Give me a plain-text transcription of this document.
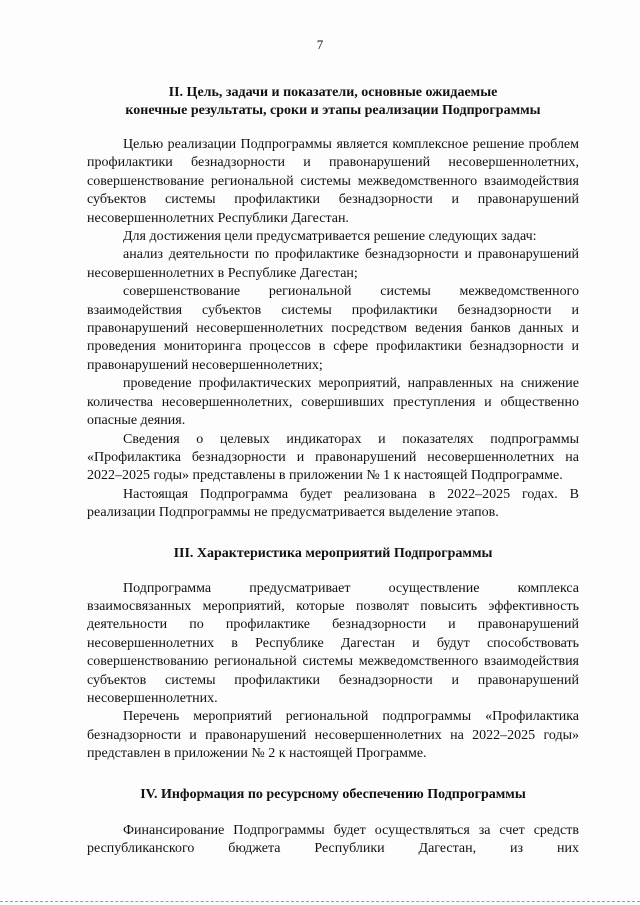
7
II. Цель, задачи и показатели, основные ожидаемые
конечные результаты, сроки и этапы реализации Подпрограммы

Целью реализации Подпрограммы является комплексное решение проблем профилактики безнадзорности и правонарушений несовершеннолетних, совершенствование региональной системы межведомственного взаимодействия субъектов системы профилактики безнадзорности и правонарушений несовершеннолетних Республики Дагестан.

Для достижения цели предусматривается решение следующих задач:

анализ деятельности по профилактике безнадзорности и правонарушений несовершеннолетних в Республике Дагестан;

совершенствование региональной системы межведомственного взаимодействия субъектов системы профилактики безнадзорности и правонарушений несовершеннолетних посредством ведения банков данных и проведения мониторинга процессов в сфере профилактики безнадзорности и правонарушений несовершеннолетних;

проведение профилактических мероприятий, направленных на снижение количества несовершеннолетних, совершивших преступления и общественно опасные деяния.

Сведения о целевых индикаторах и показателях подпрограммы «Профилактика безнадзорности и правонарушений несовершеннолетних на 2022–2025 годы» представлены в приложении № 1 к настоящей Подпрограмме.

Настоящая Подпрограмма будет реализована в 2022–2025 годах. В реализации Подпрограммы не предусматривается выделение этапов.

III. Характеристика мероприятий Подпрограммы

Подпрограмма предусматривает осуществление комплекса взаимосвязанных мероприятий, которые позволят повысить эффективность деятельности по профилактике безнадзорности и правонарушений несовершеннолетних в Республике Дагестан и будут способствовать совершенствованию региональной системы межведомственного взаимодействия субъектов системы профилактики безнадзорности и правонарушений несовершеннолетних.

Перечень мероприятий региональной подпрограммы «Профилактика безнадзорности и правонарушений несовершеннолетних на 2022–2025 годы» представлен в приложении № 2 к настоящей Программе.

IV. Информация по ресурсному обеспечению Подпрограммы

Финансирование Подпрограммы будет осуществляться за счет средств республиканского бюджета Республики Дагестан, из них
